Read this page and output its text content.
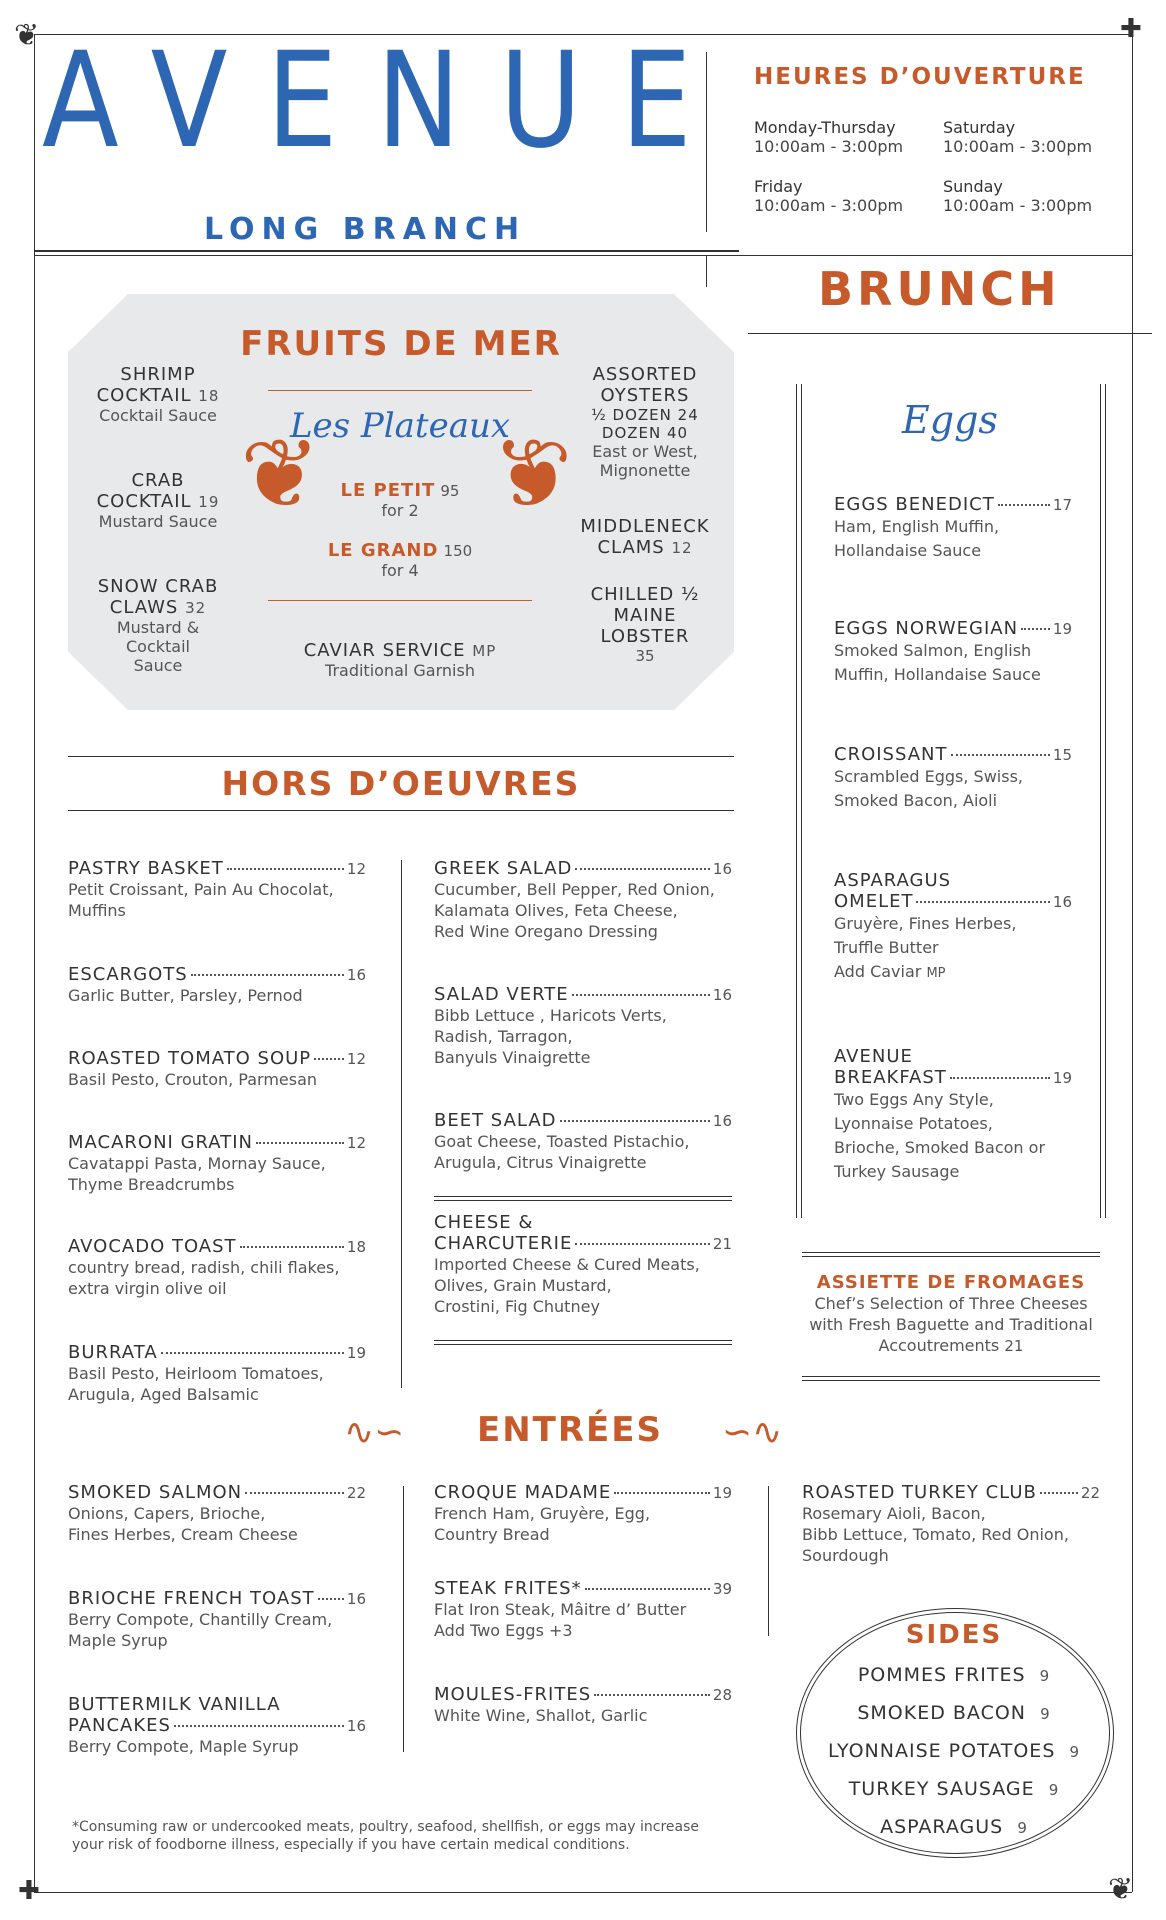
❦	✚
✚	❦
AVENUE
LONG BRANCH
HEURES D’OUVERTURE
Monday-Thursday
10:00am - 3:00pm
Saturday
10:00am - 3:00pm
Friday
10:00am - 3:00pm
Sunday
10:00am - 3:00pm
BRUNCH
FRUITS DE MER
SHRIMP
COCKTAIL 18
Cocktail Sauce
CRAB
COCKTAIL 19
Mustard Sauce
SNOW CRAB
CLAWS 32
Mustard &
Cocktail
Sauce
Les Plateaux
❦ ❦
LE PETIT 95
for 2
LE GRAND 150
for 4
CAVIAR SERVICE MP
Traditional Garnish
ASSORTED
OYSTERS
½ DOZEN 24
DOZEN 40
East or West,
Mignonette
MIDDLENECK
CLAMS 12
CHILLED ½
MAINE
LOBSTER
35
HORS D’OEUVRES
PASTRY BASKET	12
Petit Croissant, Pain Au Chocolat,
Muffins
ESCARGOTS	16
Garlic Butter, Parsley, Pernod
ROASTED TOMATO SOUP 12
Basil Pesto, Crouton, Parmesan
MACARONI GRATIN	12
Cavatappi Pasta, Mornay Sauce,
Thyme Breadcrumbs
AVOCADO TOAST	18
country bread, radish, chili flakes,
extra virgin olive oil
BURRATA	19
Basil Pesto, Heirloom Tomatoes,
Arugula, Aged Balsamic
GREEK SALAD	16
Cucumber, Bell Pepper, Red Onion,
Kalamata Olives, Feta Cheese,
Red Wine Oregano Dressing
SALAD VERTE	16
Bibb Lettuce , Haricots Verts,
Radish, Tarragon,
Banyuls Vinaigrette
BEET SALAD	16
Goat Cheese, Toasted Pistachio,
Arugula, Citrus Vinaigrette
CHEESE &
CHARCUTERIE	21
Imported Cheese & Cured Meats,
Olives, Grain Mustard,
Crostini, Fig Chutney
Eggs
EGGS BENEDICT	17
Ham, English Muffin,
Hollandaise Sauce
EGGS NORWEGIAN 19
Smoked Salmon, English
Muffin, Hollandaise Sauce
CROISSANT	15
Scrambled Eggs, Swiss,
Smoked Bacon, Aioli
ASPARAGUS
OMELET	16
Gruyère, Fines Herbes,
Truffle Butter
Add Caviar MP
AVENUE
BREAKFAST	19
Two Eggs Any Style,
Lyonnaise Potatoes,
Brioche, Smoked Bacon or
Turkey Sausage
ASSIETTE DE FROMAGES
Chef’s Selection of Three Cheeses
with Fresh Baguette and Traditional
Accoutrements 21
∿∽	ENTRÉES	∽∿
SMOKED SALMON	22
Onions, Capers, Brioche,
Fines Herbes, Cream Cheese
BRIOCHE FRENCH TOAST 16
Berry Compote, Chantilly Cream,
Maple Syrup
BUTTERMILK VANILLA
PANCAKES	16
Berry Compote, Maple Syrup
CROQUE MADAME	19
French Ham, Gruyère, Egg,
Country Bread
STEAK FRITES*	39
Flat Iron Steak, Mâitre d’ Butter
Add Two Eggs +3
MOULES-FRITES	28
White Wine, Shallot, Garlic
ROASTED TURKEY CLUB	22
Rosemary Aioli, Bacon,
Bibb Lettuce, Tomato, Red Onion,
Sourdough
SIDES
POMMES FRITES 9
SMOKED BACON 9
LYONNAISE POTATOES 9
TURKEY SAUSAGE 9
ASPARAGUS 9
*Consuming raw or undercooked meats, poultry, seafood, shellfish, or eggs may increase
your risk of foodborne illness, especially if you have certain medical conditions.
